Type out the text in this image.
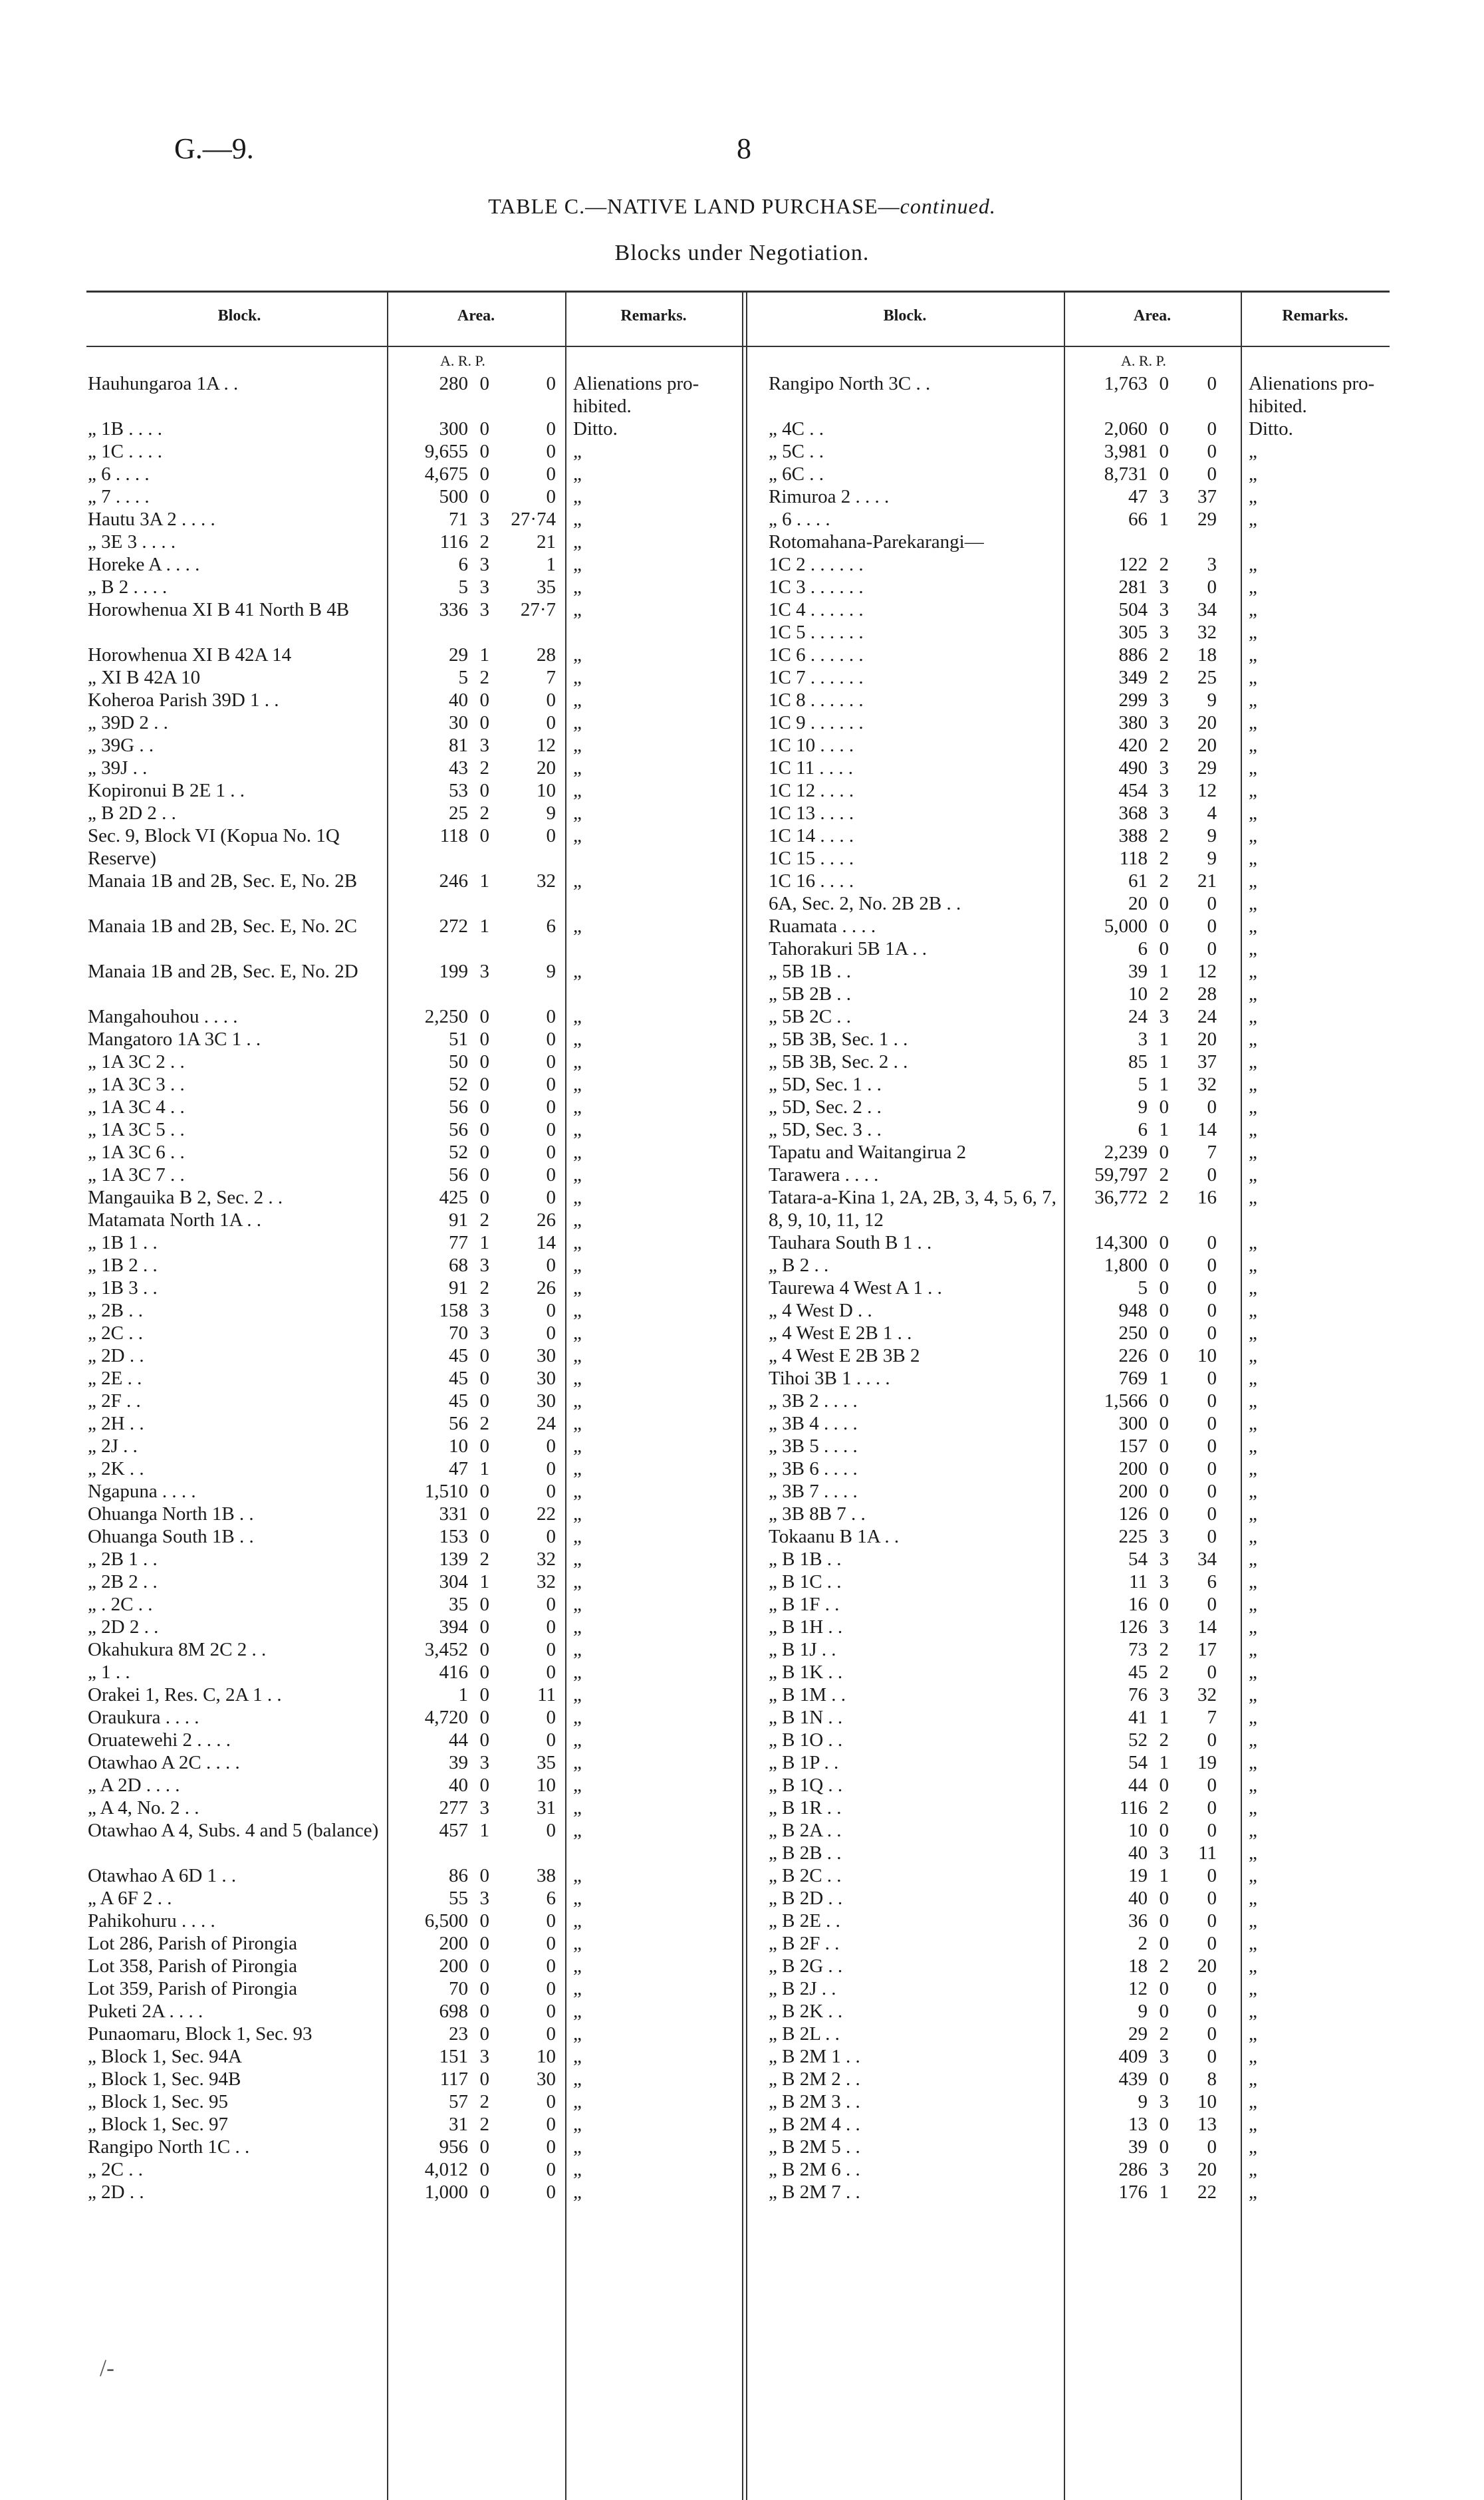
G.—9.	8
TABLE C.—NATIVE LAND PURCHASE—continued.
Blocks under Negotiation.
Block.	Area.	Remarks.	Block.	Area.	Remarks.
A. R. P.	A. R. P.
Hauhungaroa 1A . .	280 0	0 Alienations pro-hibited.
„ 1B . . . .	300 0	0 Ditto.
„ 1C . . . .	9,655 0	0 „
„ 6 . . . .	4,675 0	0 „
„ 7 . . . .	500 0	0 „
Hautu 3A 2 . . . .	71 3	27·74 „
„ 3E 3 . . . .	116 2	21 „
Horeke A . . . .	6 3	1 „
„ B 2 . . . .	5 3	35 „
Horowhenua XI B 41 North B 4B	336 3	27·7 „
Horowhenua XI B 42A 14	29 1	28 „
„ XI B 42A 10	5 2	7 „
Koheroa Parish 39D 1 . .	40 0	0 „
„ 39D 2 . .	30 0	0 „
„ 39G . .	81 3	12 „
„ 39J . .	43 2	20 „
Kopironui B 2E 1 . .	53 0	10 „
„ B 2D 2 . .	25 2	9 „
Sec. 9, Block VI (Kopua No. 1Q Reserve)
118 0	0 „
Manaia 1B and 2B, Sec. E, No. 2B	246 1	32 „
Manaia 1B and 2B, Sec. E, No. 2C	272 1	6 „
Manaia 1B and 2B, Sec. E, No. 2D	199 3	9 „
Mangahouhou . . . .	2,250 0	0 „
Mangatoro 1A 3C 1 . .	51 0	0 „
„ 1A 3C 2 . .	50 0	0 „
„ 1A 3C 3 . .	52 0	0 „
„ 1A 3C 4 . .	56 0	0 „
„ 1A 3C 5 . .	56 0	0 „
„ 1A 3C 6 . .	52 0	0 „
„ 1A 3C 7 . .	56 0	0 „
Mangauika B 2, Sec. 2 . .	425 0	0 „
Matamata North 1A . .	91 2	26 „
„ 1B 1 . .	77 1	14 „
„ 1B 2 . .	68 3	0 „
„ 1B 3 . .	91 2	26 „
„ 2B . .	158 3	0 „
„ 2C . .	70 3	0 „
„ 2D . .	45 0	30 „
„ 2E . .	45 0	30 „
„ 2F . .	45 0	30 „
„ 2H . .	56 2	24 „
„ 2J . .	10 0	0 „
„ 2K . .	47 1	0 „
Ngapuna . . . .	1,510 0	0 „
Ohuanga North 1B . .	331 0	22 „
Ohuanga South 1B . .	153 0	0 „
„ 2B 1 . .	139 2	32 „
„ 2B 2 . .	304 1	32 „
„ . 2C . .	35 0	0 „
„ 2D 2 . .	394 0	0 „
Okahukura 8M 2C 2 . .	3,452 0	0 „
„ 1 . .	416 0	0 „
Orakei 1, Res. C, 2A 1 . .	1 0	11 „
Oraukura . . . .	4,720 0	0 „
Oruatewehi 2 . . . .	44 0	0 „
Otawhao A 2C . . . .	39 3	35 „
„ A 2D . . . .	40 0	10 „
„ A 4, No. 2 . .	277 3	31 „
Otawhao A 4, Subs. 4 and 5 (balance)	457 1	0 „
Otawhao A 6D 1 . .	86 0	38 „
„ A 6F 2 . .	55 3	6 „
Pahikohuru . . . .	6,500 0	0 „
Lot 286, Parish of Pirongia	200 0	0 „
Lot 358, Parish of Pirongia	200 0	0 „
Lot 359, Parish of Pirongia	70 0	0 „
Puketi 2A . . . .	698 0	0 „
Punaomaru, Block 1, Sec. 93	23 0	0 „
„ Block 1, Sec. 94A	151 3	10 „
„ Block 1, Sec. 94B	117 0	30 „
„ Block 1, Sec. 95	57 2	0 „
„ Block 1, Sec. 97	31 2	0 „
Rangipo North 1C . .	956 0	0 „
„ 2C . .	4,012 0	0 „
„ 2D . .	1,000 0	0 „
Rangipo North 3C . .	1,763 0	0 Alienations pro-hibited.
„ 4C . .	2,060 0	0 Ditto.
„ 5C . .	3,981 0	0 „
„ 6C . .	8,731 0	0 „
Rimuroa 2 . . . .	47 3	37 „
„ 6 . . . .	66 1	29 „
Rotomahana-Parekarangi—
1C 2 . . . . . .	122 2	3 „
1C 3 . . . . . .	281 3	0 „
1C 4 . . . . . .	504 3	34 „
1C 5 . . . . . .	305 3	32 „
1C 6 . . . . . .	886 2	18 „
1C 7 . . . . . .	349 2	25 „
1C 8 . . . . . .	299 3	9 „
1C 9 . . . . . .	380 3	20 „
1C 10 . . . .	420 2	20 „
1C 11 . . . .	490 3	29 „
1C 12 . . . .	454 3	12 „
1C 13 . . . .	368 3	4 „
1C 14 . . . .	388 2	9 „
1C 15 . . . .	118 2	9 „
1C 16 . . . .	61 2	21 „
6A, Sec. 2, No. 2B 2B . .	20 0	0 „
Ruamata . . . .	5,000 0	0 „
Tahorakuri 5B 1A . .	6 0	0 „
„ 5B 1B . .	39 1	12 „
„ 5B 2B . .	10 2	28 „
„ 5B 2C . .	24 3	24 „
„ 5B 3B, Sec. 1 . .	3 1	20 „
„ 5B 3B, Sec. 2 . .	85 1	37 „
„ 5D, Sec. 1 . .	5 1	32 „
„ 5D, Sec. 2 . .	9 0	0 „
„ 5D, Sec. 3 . .	6 1	14 „
Tapatu and Waitangirua 2	2,239 0	7 „
Tarawera . . . .	59,797 2	0 „
Tatara-a-Kina 1, 2A, 2B, 3, 4, 5, 6, 7, 8, 9, 10, 11, 12
36,772 2	16 „
Tauhara South B 1 . .	14,300 0	0 „
„ B 2 . .	1,800 0	0 „
Taurewa 4 West A 1 . .	5 0	0 „
„ 4 West D . .	948 0	0 „
„ 4 West E 2B 1 . .	250 0	0 „
„ 4 West E 2B 3B 2	226 0	10 „
Tihoi 3B 1 . . . .	769 1	0 „
„ 3B 2 . . . .	1,566 0	0 „
„ 3B 4 . . . .	300 0	0 „
„ 3B 5 . . . .	157 0	0 „
„ 3B 6 . . . .	200 0	0 „
„ 3B 7 . . . .	200 0	0 „
„ 3B 8B 7 . .	126 0	0 „
Tokaanu B 1A . .	225 3	0 „
„ B 1B . .	54 3	34 „
„ B 1C . .	11 3	6 „
„ B 1F . .	16 0	0 „
„ B 1H . .	126 3	14 „
„ B 1J . .	73 2	17 „
„ B 1K . .	45 2	0 „
„ B 1M . .	76 3	32 „
„ B 1N . .	41 1	7 „
„ B 1O . .	52 2	0 „
„ B 1P . .	54 1	19 „
„ B 1Q . .	44 0	0 „
„ B 1R . .	116 2	0 „
„ B 2A . .	10 0	0 „
„ B 2B . .	40 3	11 „
„ B 2C . .	19 1	0 „
„ B 2D . .	40 0	0 „
„ B 2E . .	36 0	0 „
„ B 2F . .	2 0	0 „
„ B 2G . .	18 2	20 „
„ B 2J . .	12 0	0 „
„ B 2K . .	9 0	0 „
„ B 2L . .	29 2	0 „
„ B 2M 1 . .	409 3	0 „
„ B 2M 2 . .	439 0	8 „
„ B 2M 3 . .	9 3	10 „
„ B 2M 4 . .	13 0	13 „
„ B 2M 5 . .	39 0	0 „
„ B 2M 6 . .	286 3	20 „
„ B 2M 7 . .	176 1	22 „
/-
